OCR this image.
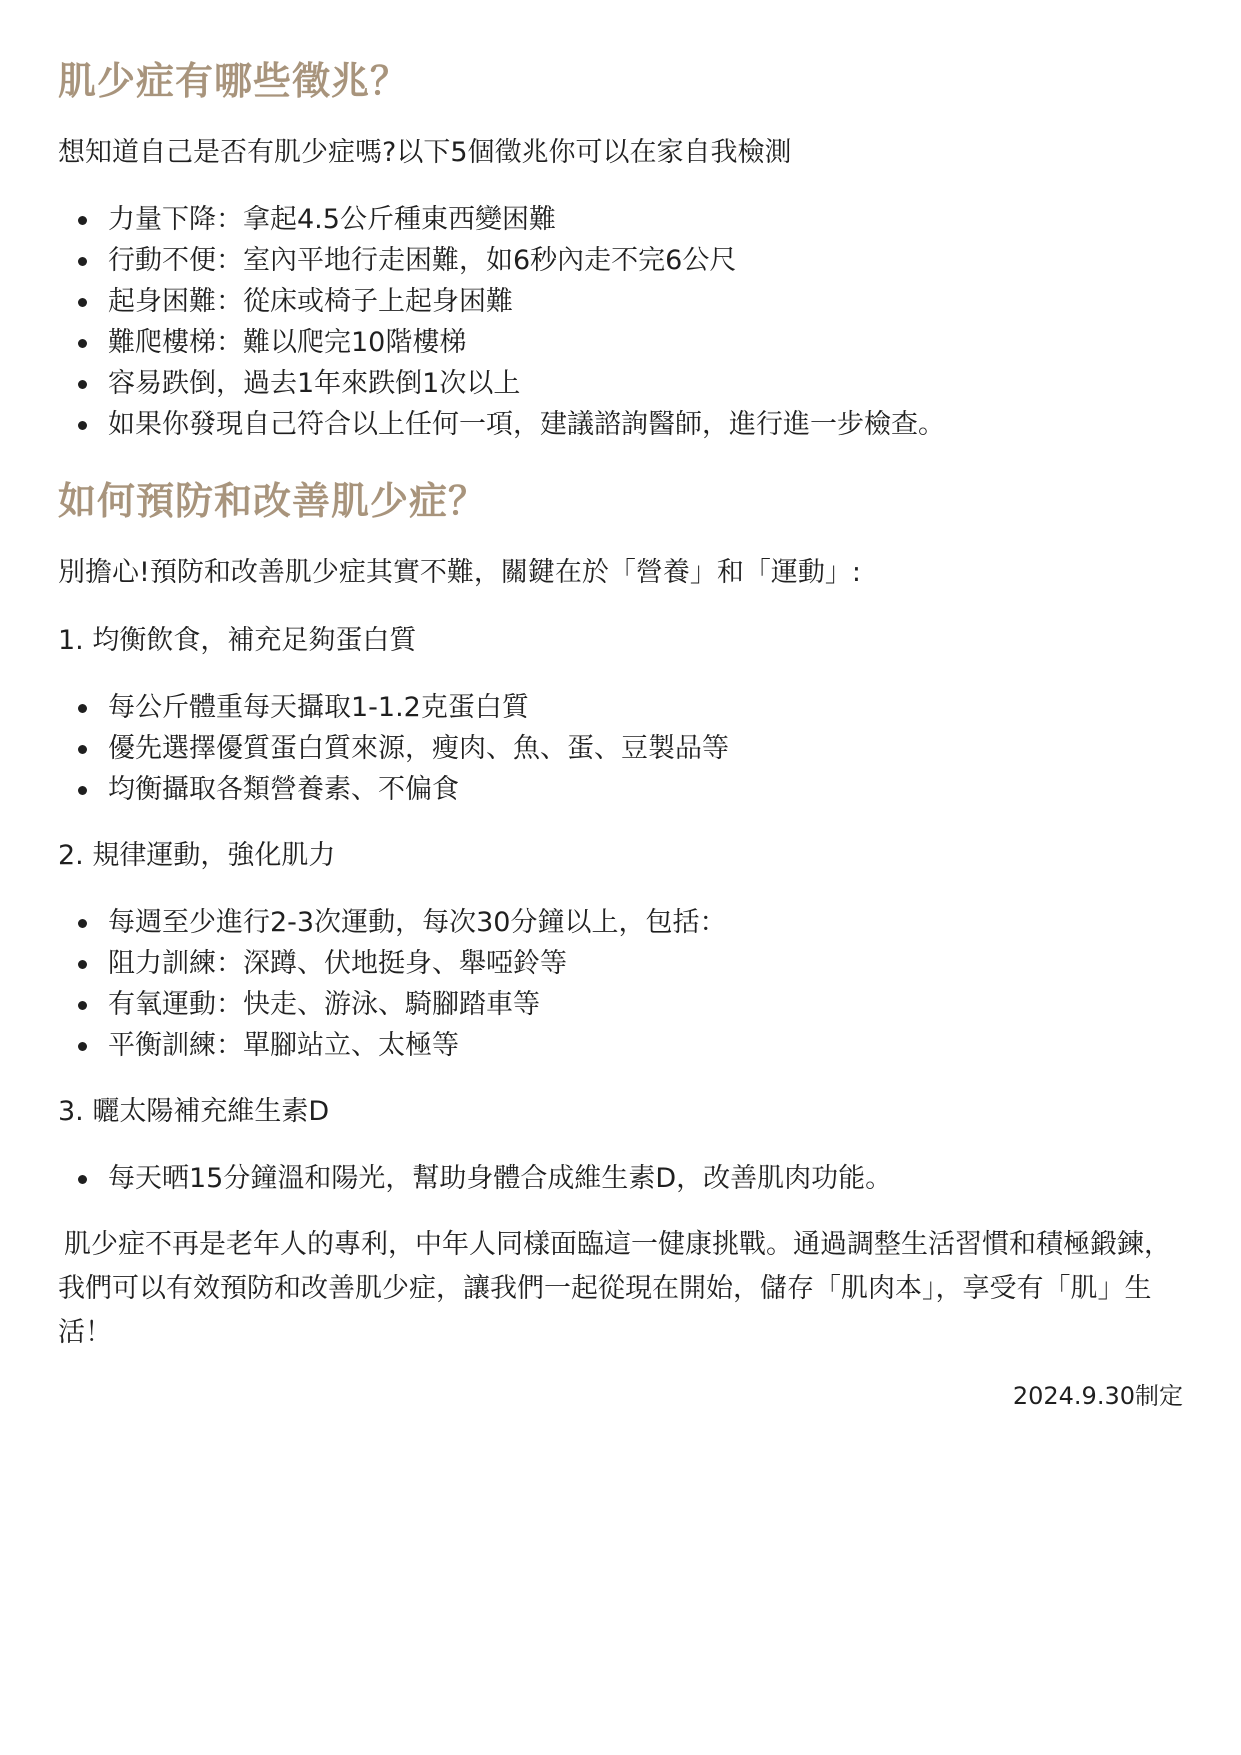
肌少症有哪些徵兆？

想知道自己是否有肌少症嗎?以下5個徵兆你可以在家自我檢測

力量下降：拿起4.5公斤種東西變困難
行動不便：室內平地行走困難，如6秒內走不完6公尺
起身困難：從床或椅子上起身困難
難爬樓梯：難以爬完10階樓梯
容易跌倒，過去1年來跌倒1次以上
如果你發現自己符合以上任何一項，建議諮詢醫師，進行進一步檢查。
如何預防和改善肌少症？

別擔心!預防和改善肌少症其實不難，關鍵在於「營養」和「運動」:

1. 均衡飲食，補充足夠蛋白質

每公斤體重每天攝取1-1.2克蛋白質
優先選擇優質蛋白質來源，瘦肉、魚、蛋、豆製品等
均衡攝取各類營養素、不偏食

2. 規律運動，強化肌力

每週至少進行2-3次運動，每次30分鐘以上，包括：
阻力訓練：深蹲、伏地挺身、舉啞鈴等
有氧運動：快走、游泳、騎腳踏車等
平衡訓練：單腳站立、太極等

3. 曬太陽補充維生素D

每天晒15分鐘溫和陽光，幫助身體合成維生素D，改善肌肉功能。

肌少症不再是老年人的專利，中年人同樣面臨這一健康挑戰。通過調整生活習慣和積極鍛鍊，我們可以有效預防和改善肌少症，讓我們一起從現在開始，儲存「肌肉本」，享受有「肌」生活！

2024.9.30制定
